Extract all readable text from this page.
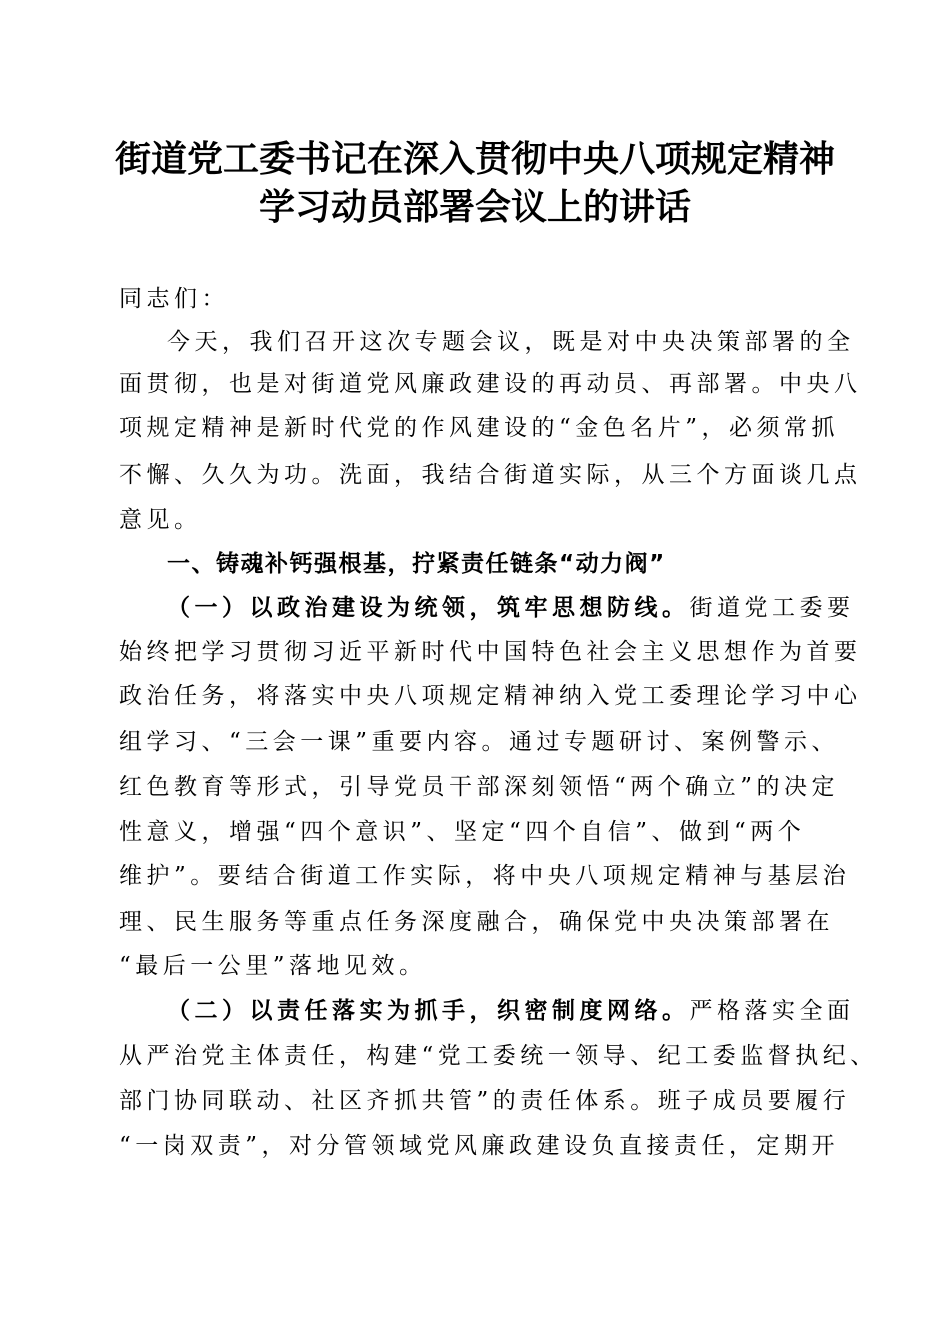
街道党工委书记在深入贯彻中央八项规定精神
学习动员部署会议上的讲话
同志们：
今天，我们召开这次专题会议，既是对中央决策部署的全
面贯彻，也是对街道党风廉政建设的再动员、再部署。中央八
项规定精神是新时代党的作风建设的“金色名片”，必须常抓
不懈、久久为功。洗面，我结合街道实际，从三个方面谈几点
意见。
一、铸魂补钙强根基，拧紧责任链条“动力阀”
（一）以政治建设为统领，筑牢思想防线。街道党工委要
始终把学习贯彻习近平新时代中国特色社会主义思想作为首要
政治任务，将落实中央八项规定精神纳入党工委理论学习中心
组学习、“三会一课”重要内容。通过专题研讨、案例警示、
红色教育等形式，引导党员干部深刻领悟“两个确立”的决定
性意义，增强“四个意识”、坚定“四个自信”、做到“两个
维护”。要结合街道工作实际，将中央八项规定精神与基层治
理、民生服务等重点任务深度融合，确保党中央决策部署在
“最后一公里”落地见效。
（二）以责任落实为抓手，织密制度网络。严格落实全面
从严治党主体责任，构建“党工委统一领导、纪工委监督执纪、
部门协同联动、社区齐抓共管”的责任体系。班子成员要履行
“一岗双责”，对分管领域党风廉政建设负直接责任，定期开
